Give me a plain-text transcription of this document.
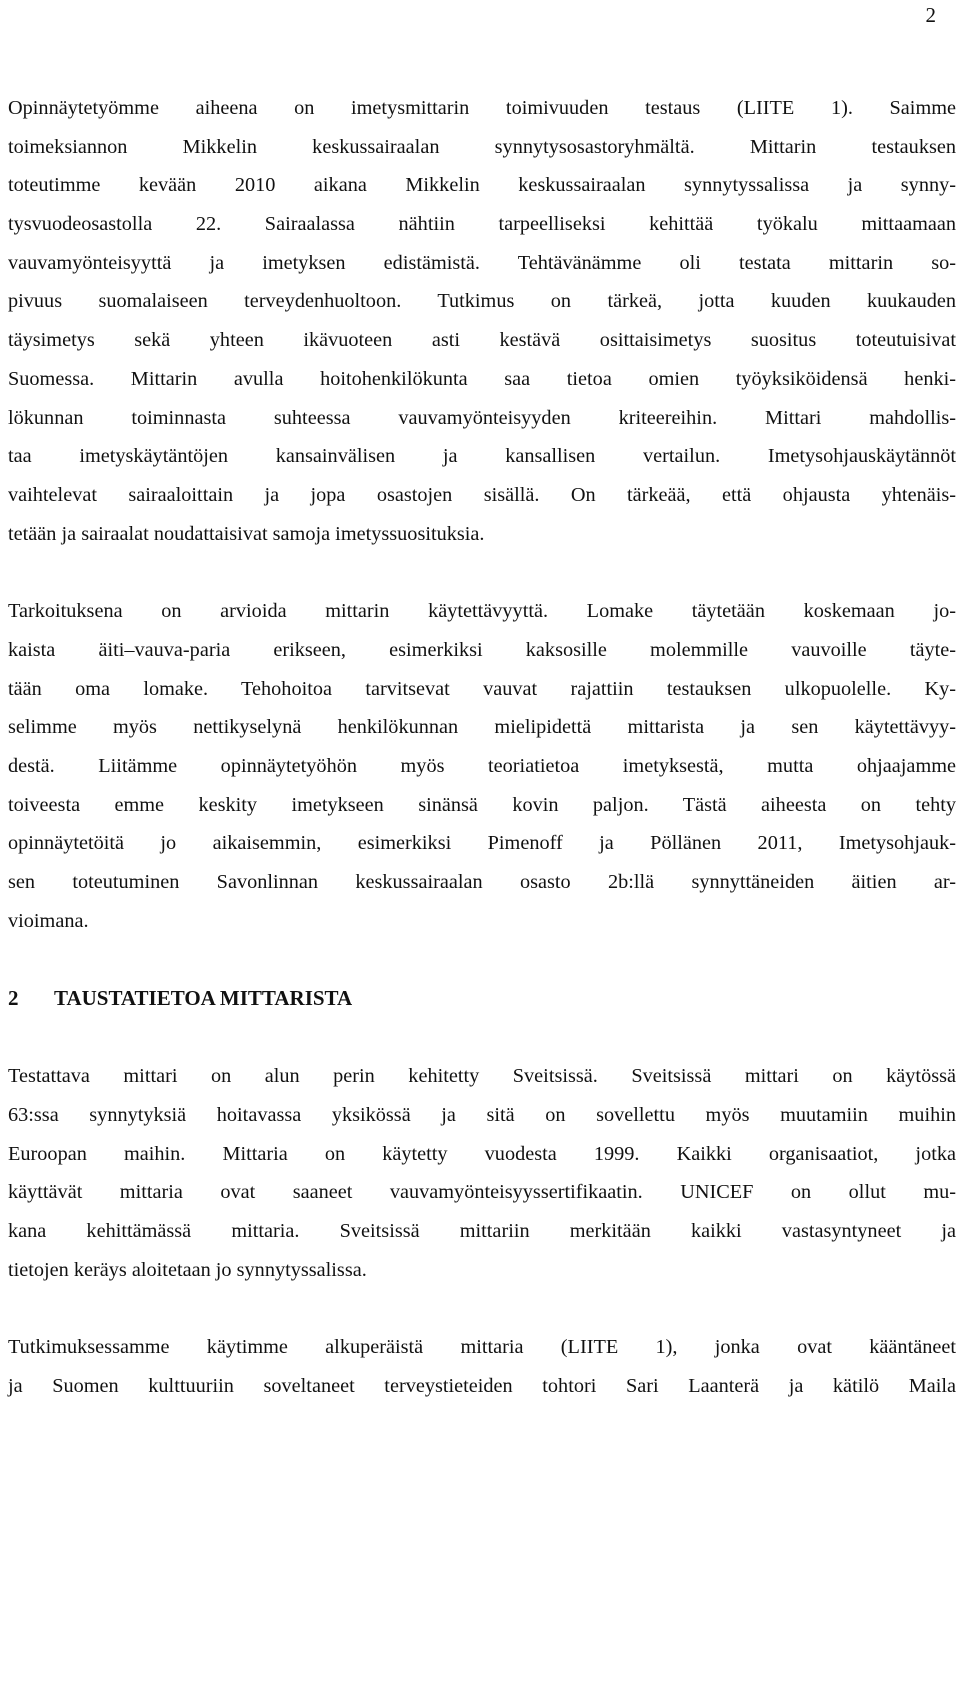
2
Opinnäytetyömme aiheena on imetysmittarin toimivuuden testaus (LIITE 1). Saimme
toimeksiannon Mikkelin keskussairaalan synnytysosastoryhmältä. Mittarin testauksen
toteutimme kevään 2010 aikana Mikkelin keskussairaalan synnytyssalissa ja synny-
tysvuodeosastolla 22. Sairaalassa nähtiin tarpeelliseksi kehittää työkalu mittaamaan
vauvamyönteisyyttä ja imetyksen edistämistä. Tehtävänämme oli testata mittarin so-
pivuus suomalaiseen terveydenhuoltoon. Tutkimus on tärkeä, jotta kuuden kuukauden
täysimetys sekä yhteen ikävuoteen asti kestävä osittaisimetys suositus toteutuisivat
Suomessa. Mittarin avulla hoitohenkilökunta saa tietoa omien työyksiköidensä henki-
lökunnan toiminnasta suhteessa vauvamyönteisyyden kriteereihin. Mittari mahdollis-
taa imetyskäytäntöjen kansainvälisen ja kansallisen vertailun. Imetysohjauskäytännöt
vaihtelevat sairaaloittain ja jopa osastojen sisällä. On tärkeää, että ohjausta yhtenäis-
tetään ja sairaalat noudattaisivat samoja imetyssuosituksia.
Tarkoituksena on arvioida mittarin käytettävyyttä. Lomake täytetään koskemaan jo-
kaista äiti–vauva-paria erikseen, esimerkiksi kaksosille molemmille vauvoille täyte-
tään oma lomake. Tehohoitoa tarvitsevat vauvat rajattiin testauksen ulkopuolelle. Ky-
selimme myös nettikyselynä henkilökunnan mielipidettä mittarista ja sen käytettävyy-
destä. Liitämme opinnäytetyöhön myös teoriatietoa imetyksestä, mutta ohjaajamme
toiveesta emme keskity imetykseen sinänsä kovin paljon. Tästä aiheesta on tehty
opinnäytetöitä jo aikaisemmin, esimerkiksi Pimenoff ja Pöllänen 2011, Imetysohjauk-
sen toteutuminen Savonlinnan keskussairaalan osasto 2b:llä synnyttäneiden äitien ar-
vioimana.
2 TAUSTATIETOA MITTARISTA
Testattava mittari on alun perin kehitetty Sveitsissä. Sveitsissä mittari on käytössä
63:ssa synnytyksiä hoitavassa yksikössä ja sitä on sovellettu myös muutamiin muihin
Euroopan maihin. Mittaria on käytetty vuodesta 1999. Kaikki organisaatiot, jotka
käyttävät mittaria ovat saaneet vauvamyönteisyyssertifikaatin. UNICEF on ollut mu-
kana kehittämässä mittaria. Sveitsissä mittariin merkitään kaikki vastasyntyneet ja
tietojen keräys aloitetaan jo synnytyssalissa.
Tutkimuksessamme käytimme alkuperäistä mittaria (LIITE 1), jonka ovat kääntäneet
ja Suomen kulttuuriin soveltaneet terveystieteiden tohtori Sari Laanterä ja kätilö Maila
